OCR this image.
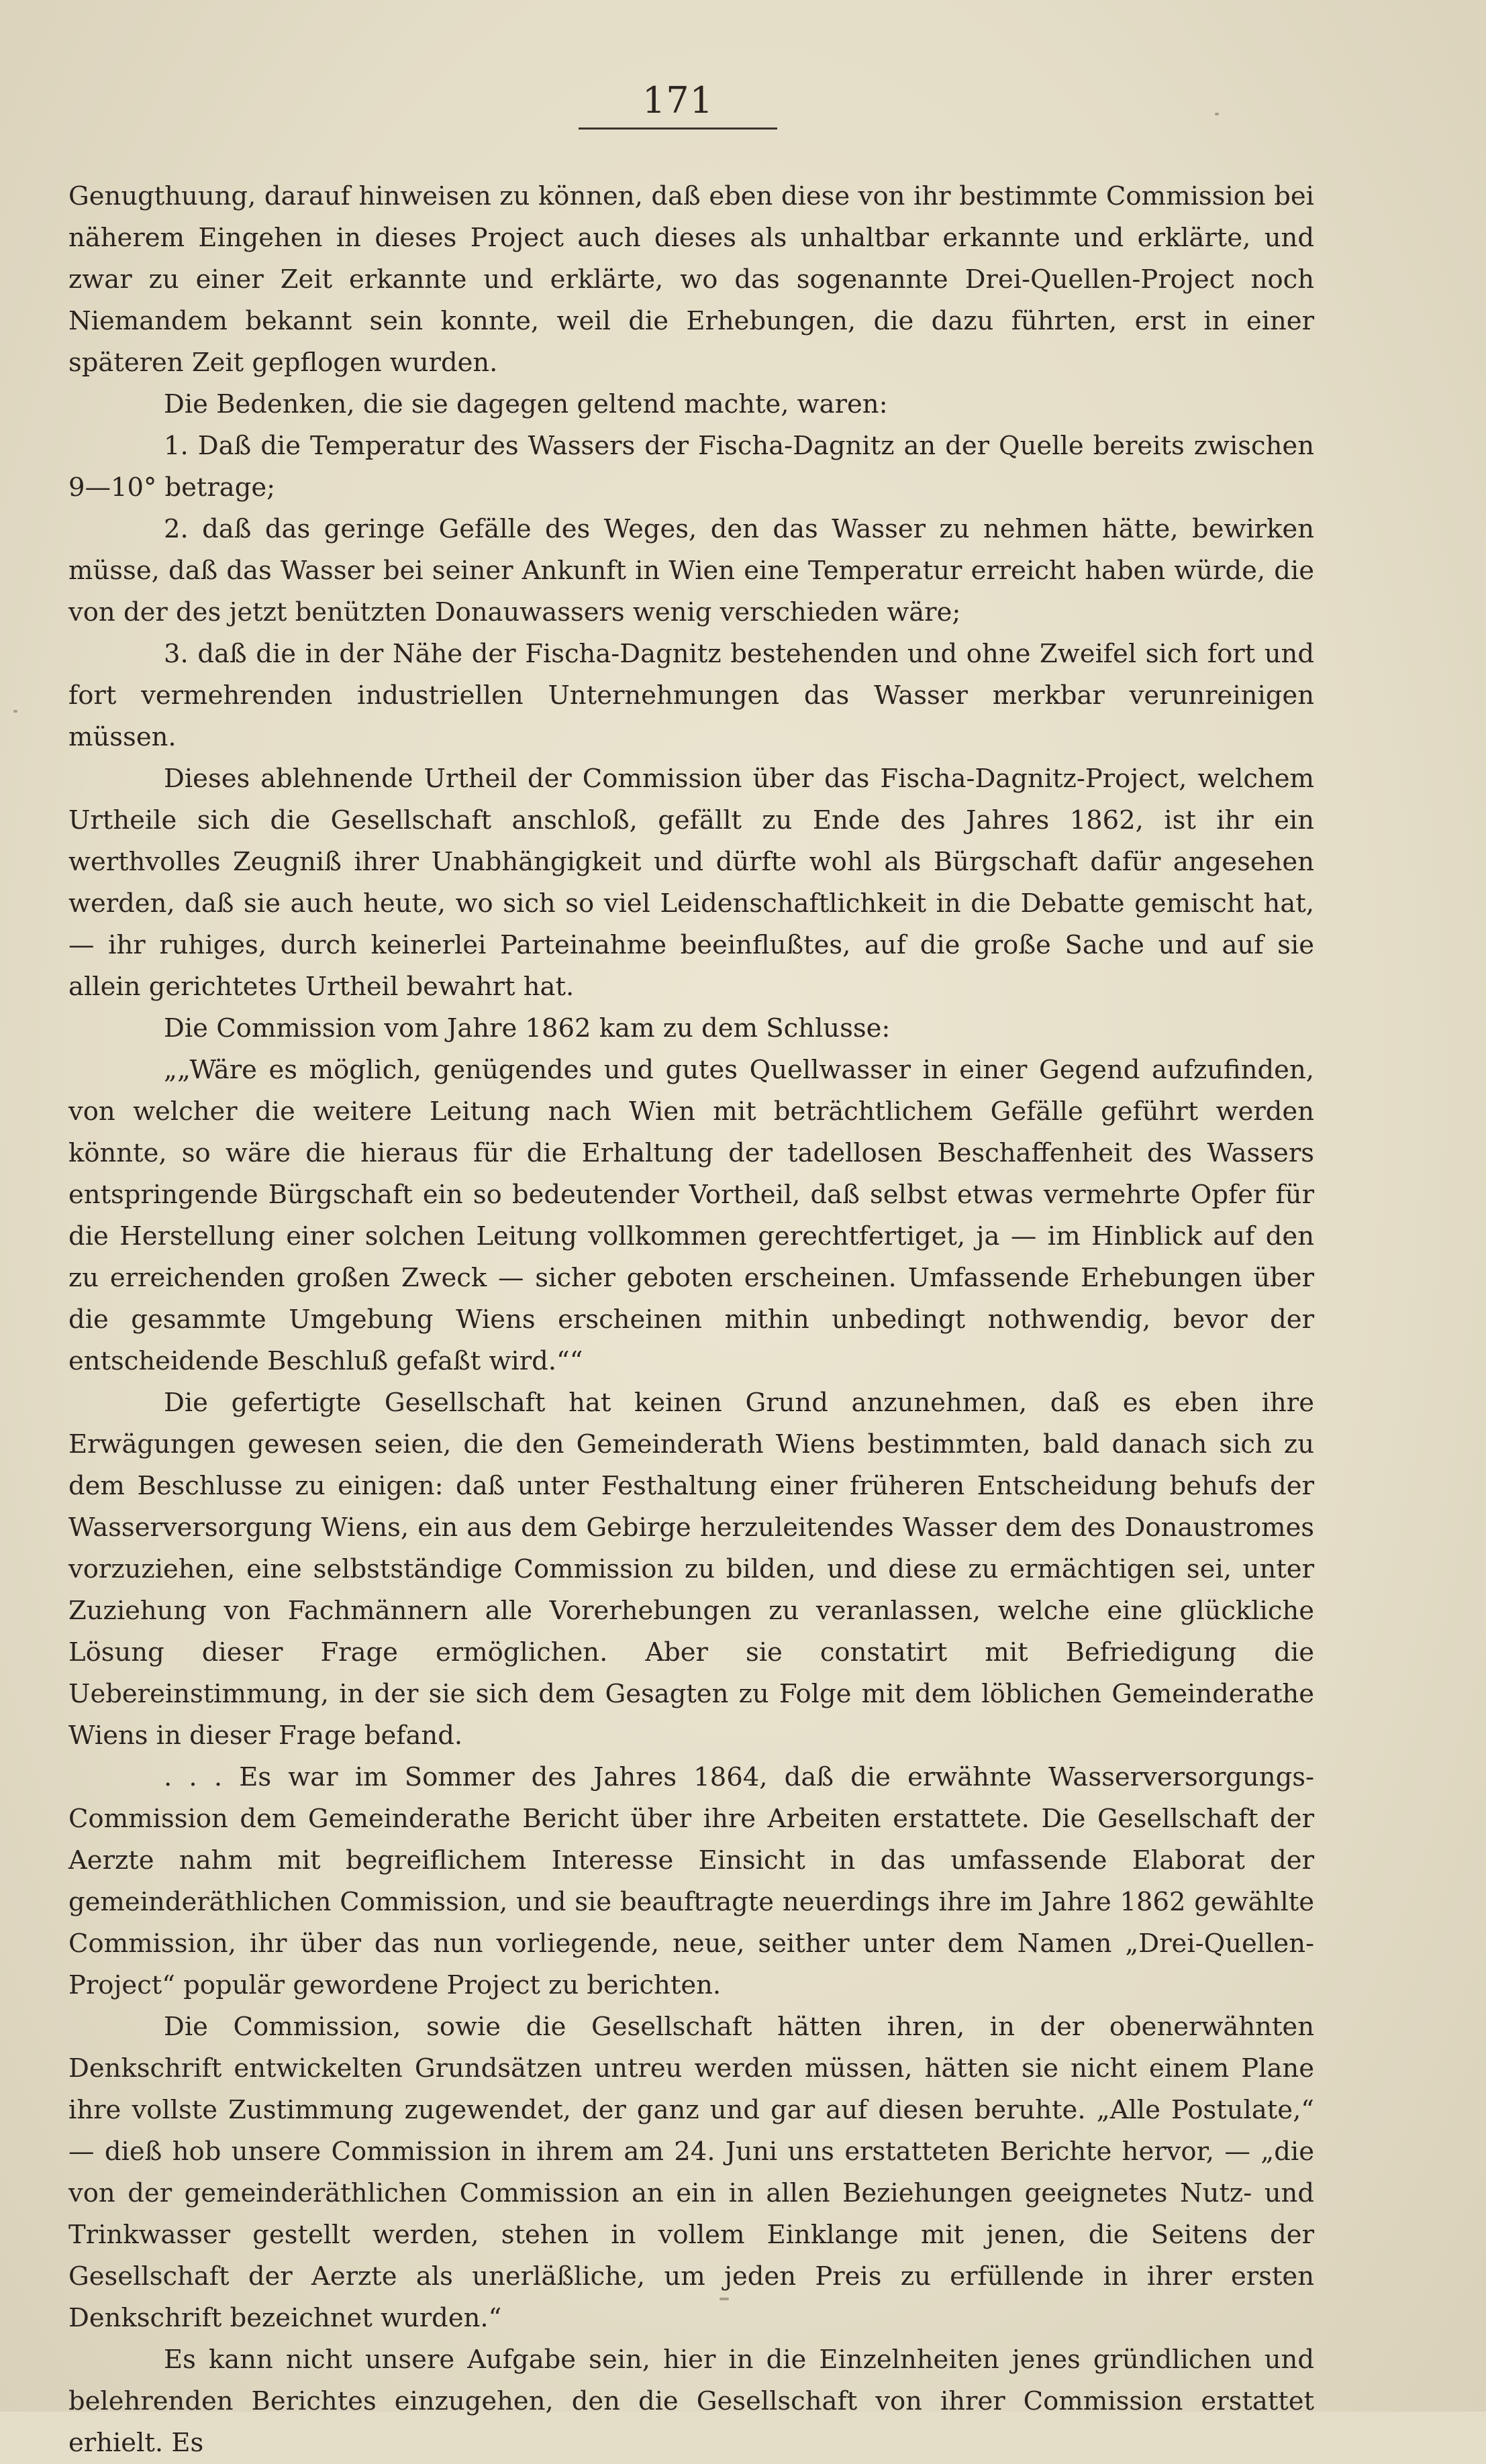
171

Genugthuung, darauf hinweisen zu können, daß eben diese von ihr bestimmte Commission bei näherem Eingehen in dieses Project auch dieses als unhaltbar erkannte und erklärte, und zwar zu einer Zeit erkannte und erklärte, wo das sogenannte Drei-Quellen-Project noch Niemandem bekannt sein konnte, weil die Erhebungen, die dazu führten, erst in einer späteren Zeit gepflogen wurden.

Die Bedenken, die sie dagegen geltend machte, waren:

1. Daß die Temperatur des Wassers der Fischa-Dagnitz an der Quelle bereits zwischen 9—10° betrage;

2. daß das geringe Gefälle des Weges, den das Wasser zu nehmen hätte, bewirken müsse, daß das Wasser bei seiner Ankunft in Wien eine Temperatur erreicht haben würde, die von der des jetzt benützten Donauwassers wenig verschieden wäre;

3. daß die in der Nähe der Fischa-Dagnitz bestehenden und ohne Zweifel sich fort und fort vermehrenden industriellen Unternehmungen das Wasser merkbar verunreinigen müssen.

Dieses ablehnende Urtheil der Commission über das Fischa-Dagnitz-Project, welchem Urtheile sich die Gesellschaft anschloß, gefällt zu Ende des Jahres 1862, ist ihr ein werthvolles Zeugniß ihrer Unabhängigkeit und dürfte wohl als Bürgschaft dafür angesehen werden, daß sie auch heute, wo sich so viel Leidenschaftlichkeit in die Debatte gemischt hat, — ihr ruhiges, durch keinerlei Parteinahme beeinflußtes, auf die große Sache und auf sie allein gerichtetes Urtheil bewahrt hat.

Die Commission vom Jahre 1862 kam zu dem Schlusse:

„„Wäre es möglich, genügendes und gutes Quellwasser in einer Gegend aufzufinden, von welcher die weitere Leitung nach Wien mit beträchtlichem Gefälle geführt werden könnte, so wäre die hieraus für die Erhaltung der tadellosen Beschaffenheit des Wassers entspringende Bürgschaft ein so bedeutender Vortheil, daß selbst etwas vermehrte Opfer für die Herstellung einer solchen Leitung vollkommen gerechtfertiget, ja — im Hinblick auf den zu erreichenden großen Zweck — sicher geboten erscheinen. Umfassende Erhebungen über die gesammte Umgebung Wiens erscheinen mithin unbedingt nothwendig, bevor der entscheidende Beschluß gefaßt wird.““

Die gefertigte Gesellschaft hat keinen Grund anzunehmen, daß es eben ihre Erwägungen gewesen seien, die den Gemeinderath Wiens bestimmten, bald danach sich zu dem Beschlusse zu einigen: daß unter Festhaltung einer früheren Entscheidung behufs der Wasserversorgung Wiens, ein aus dem Gebirge herzuleitendes Wasser dem des Donaustromes vorzuziehen, eine selbstständige Commission zu bilden, und diese zu ermächtigen sei, unter Zuziehung von Fachmännern alle Vorerhebungen zu veranlassen, welche eine glückliche Lösung dieser Frage ermöglichen. Aber sie constatirt mit Befriedigung die Uebereinstimmung, in der sie sich dem Gesagten zu Folge mit dem löblichen Gemeinderathe Wiens in dieser Frage befand.

. . . Es war im Sommer des Jahres 1864, daß die erwähnte Wasserversorgungs-Commission dem Gemeinderathe Bericht über ihre Arbeiten erstattete. Die Gesellschaft der Aerzte nahm mit begreiflichem Interesse Einsicht in das umfassende Elaborat der gemeinderäthlichen Commission, und sie beauftragte neuerdings ihre im Jahre 1862 gewählte Commission, ihr über das nun vorliegende, neue, seither unter dem Namen „Drei-Quellen-Project“ populär gewordene Project zu berichten.

Die Commission, sowie die Gesellschaft hätten ihren, in der obenerwähnten Denkschrift entwickelten Grundsätzen untreu werden müssen, hätten sie nicht einem Plane ihre vollste Zustimmung zugewendet, der ganz und gar auf diesen beruhte. „Alle Postulate,“ — dieß hob unsere Commission in ihrem am 24. Juni uns erstatteten Berichte hervor, — „die von der gemeinderäthlichen Commission an ein in allen Beziehungen geeignetes Nutz- und Trinkwasser gestellt werden, stehen in vollem Einklange mit jenen, die Seitens der Gesellschaft der Aerzte als unerläßliche, um jeden Preis zu erfüllende in ihrer ersten Denkschrift bezeichnet wurden.“

Es kann nicht unsere Aufgabe sein, hier in die Einzelnheiten jenes gründlichen und belehrenden Berichtes einzugehen, den die Gesellschaft von ihrer Commission erstattet erhielt. Es
